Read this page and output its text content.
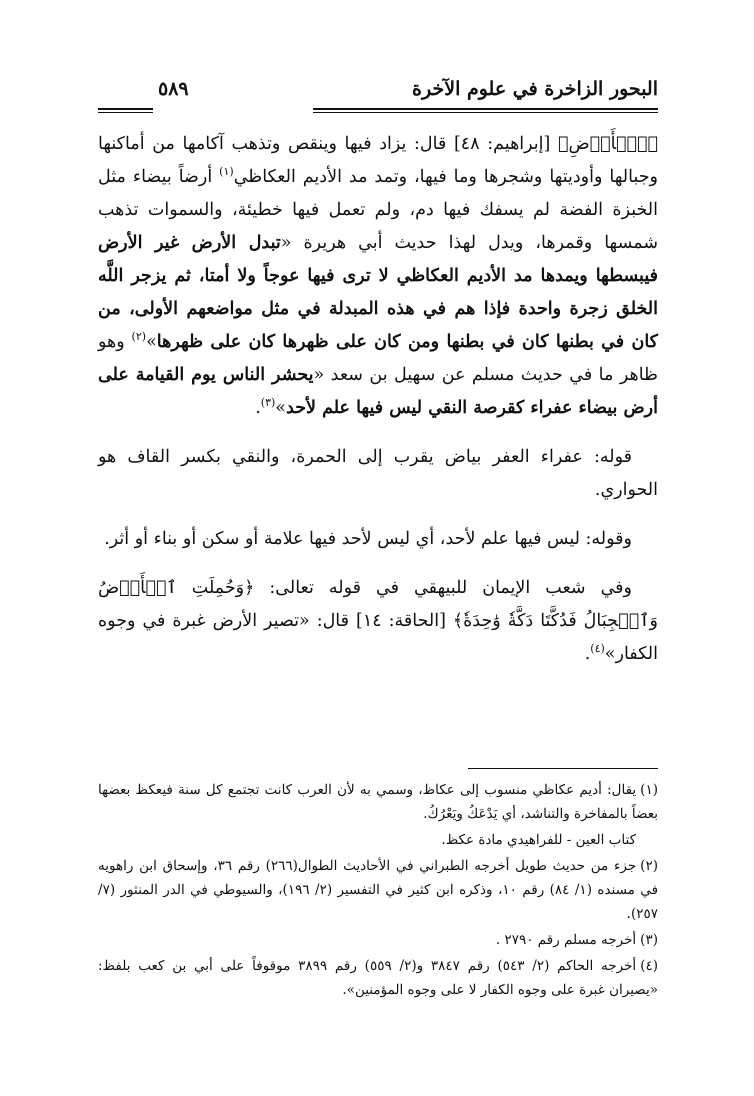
البحور الزاخرة في علوم الآخرة
٥٨٩

﴿ٱلۡأَرۡضِ﴾ [إبراهيم: ٤٨] قال: يزاد فيها وينقص وتذهب آكامها من أماكنها وجبالها وأوديتها وشجرها وما فيها، وتمد مد الأديم العكاظي$^{(١)}$ أرضاً بيضاء مثل الخبزة الفضة لم يسفك فيها دم، ولم تعمل فيها خطيئة، والسموات تذهب شمسها وقمرها، ويدل لهذا حديث أبي هريرة «تبدل الأرض غير الأرض فيبسطها ويمدها مد الأديم العكاظي لا ترى فيها عوجاً ولا أمتا، ثم يزجر اللَّه الخلق زجرة واحدة فإذا هم في هذه المبدلة في مثل مواضعهم الأولى، من كان في بطنها كان في بطنها ومن كان على ظهرها كان على ظهرها»$^{(٢)}$ وهو ظاهر ما في حديث مسلم عن سهيل بن سعد «يحشر الناس يوم القيامة على أرض بيضاء عفراء كقرصة النقي ليس فيها علم لأحد»$^{(٣)}$.

قوله: عفراء العفر بياض يقرب إلى الحمرة، والنقي بكسر القاف هو الحواري.

وقوله: ليس فيها علم لأحد، أي ليس لأحد فيها علامة أو سكن أو بناء أو أثر.

وفي شعب الإيمان للبيهقي في قوله تعالى: ﴿وَحُمِلَتِ ٱلۡأَرۡضُ وَٱلۡجِبَالُ فَدُكَّتَا دَكَّةٗ وَٰحِدَةٗ﴾ [الحاقة: ١٤] قال: «تصير الأرض غبرة في وجوه الكفار»$^{(٤)}$.

(١)يقال: أديم عكاظي منسوب إلى عكاظ، وسمي به لأن العرب كانت تجتمع كل سنة فيعكظ بعضها بعضاً بالمفاخرة والتناشد، أي يَدْعَكُ ويَعْرُكُ.

كتاب العين - للفراهيدي مادة عكظ.

(٢)جزء من حديث طويل أخرجه الطبراني في الأحاديث الطوال(٢٦٦) رقم ٣٦، وإسحاق ابن راهويه في مسنده (١/ ٨٤) رقم ١٠، وذكره ابن كثير في التفسير (٢/ ١٩٦)، والسيوطي في الدر المنثور (٧/ ٢٥٧).

(٣)أخرجه مسلم رقم ٢٧٩٠ .

(٤)أخرجه الحاكم (٢/ ٥٤٣) رقم ٣٨٤٧ و(٢/ ٥٥٩) رقم ٣٨٩٩ موقوفاً على أبي بن كعب بلفظ: «يصيران غبرة على وجوه الكفار لا على وجوه المؤمنين».
